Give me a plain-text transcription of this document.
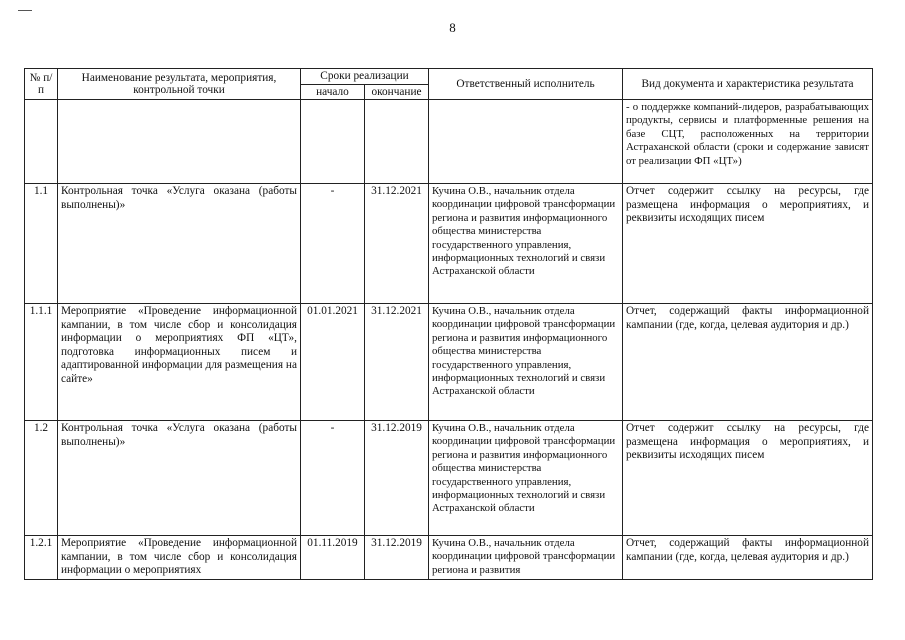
8
№ п/п	Наименование результата, мероприятия, контрольной точки	Сроки реализации		Ответственный исполнитель	Вид документа и характеристика результата
		начало	окончание		
					- о поддержке компаний-лидеров, разрабатывающих продукты, сервисы и платформенные решения на базе СЦТ, расположенных на территории Астраханской области (сроки и содержание зависят от реализации ФП «ЦТ»)
1.1	Контрольная точка «Услуга оказана (работы выполнены)»	-	31.12.2021	Кучина О.В., начальник отдела координации цифровой трансформации региона и развития информационного общества министерства государственного управления, информационных технологий и связи Астраханской области	Отчет содержит ссылку на ресурсы, где размещена информация о мероприятиях, и реквизиты исходящих писем
1.1.1	Мероприятие «Проведение информационной кампании, в том числе сбор и консолидация информации о мероприятиях ФП «ЦТ», подготовка информационных писем и адаптированной информации для размещения на сайте»	01.01.2021	31.12.2021	Кучина О.В., начальник отдела координации цифровой трансформации региона и развития информационного общества министерства государственного управления, информационных технологий и связи Астраханской области	Отчет, содержащий факты информационной кампании (где, когда, целевая аудитория и др.)
1.2	Контрольная точка «Услуга оказана (работы выполнены)»	-	31.12.2019	Кучина О.В., начальник отдела координации цифровой трансформации региона и развития информационного общества министерства государственного управления, информационных технологий и связи Астраханской области	Отчет содержит ссылку на ресурсы, где размещена информация о мероприятиях, и реквизиты исходящих писем
1.2.1	Мероприятие «Проведение информационной кампании, в том числе сбор и консолидация информации о мероприятиях	01.11.2019	31.12.2019	Кучина О.В., начальник отдела координации цифровой трансформации региона и развития	Отчет, содержащий факты информационной кампании (где, когда, целевая аудитория и др.)
